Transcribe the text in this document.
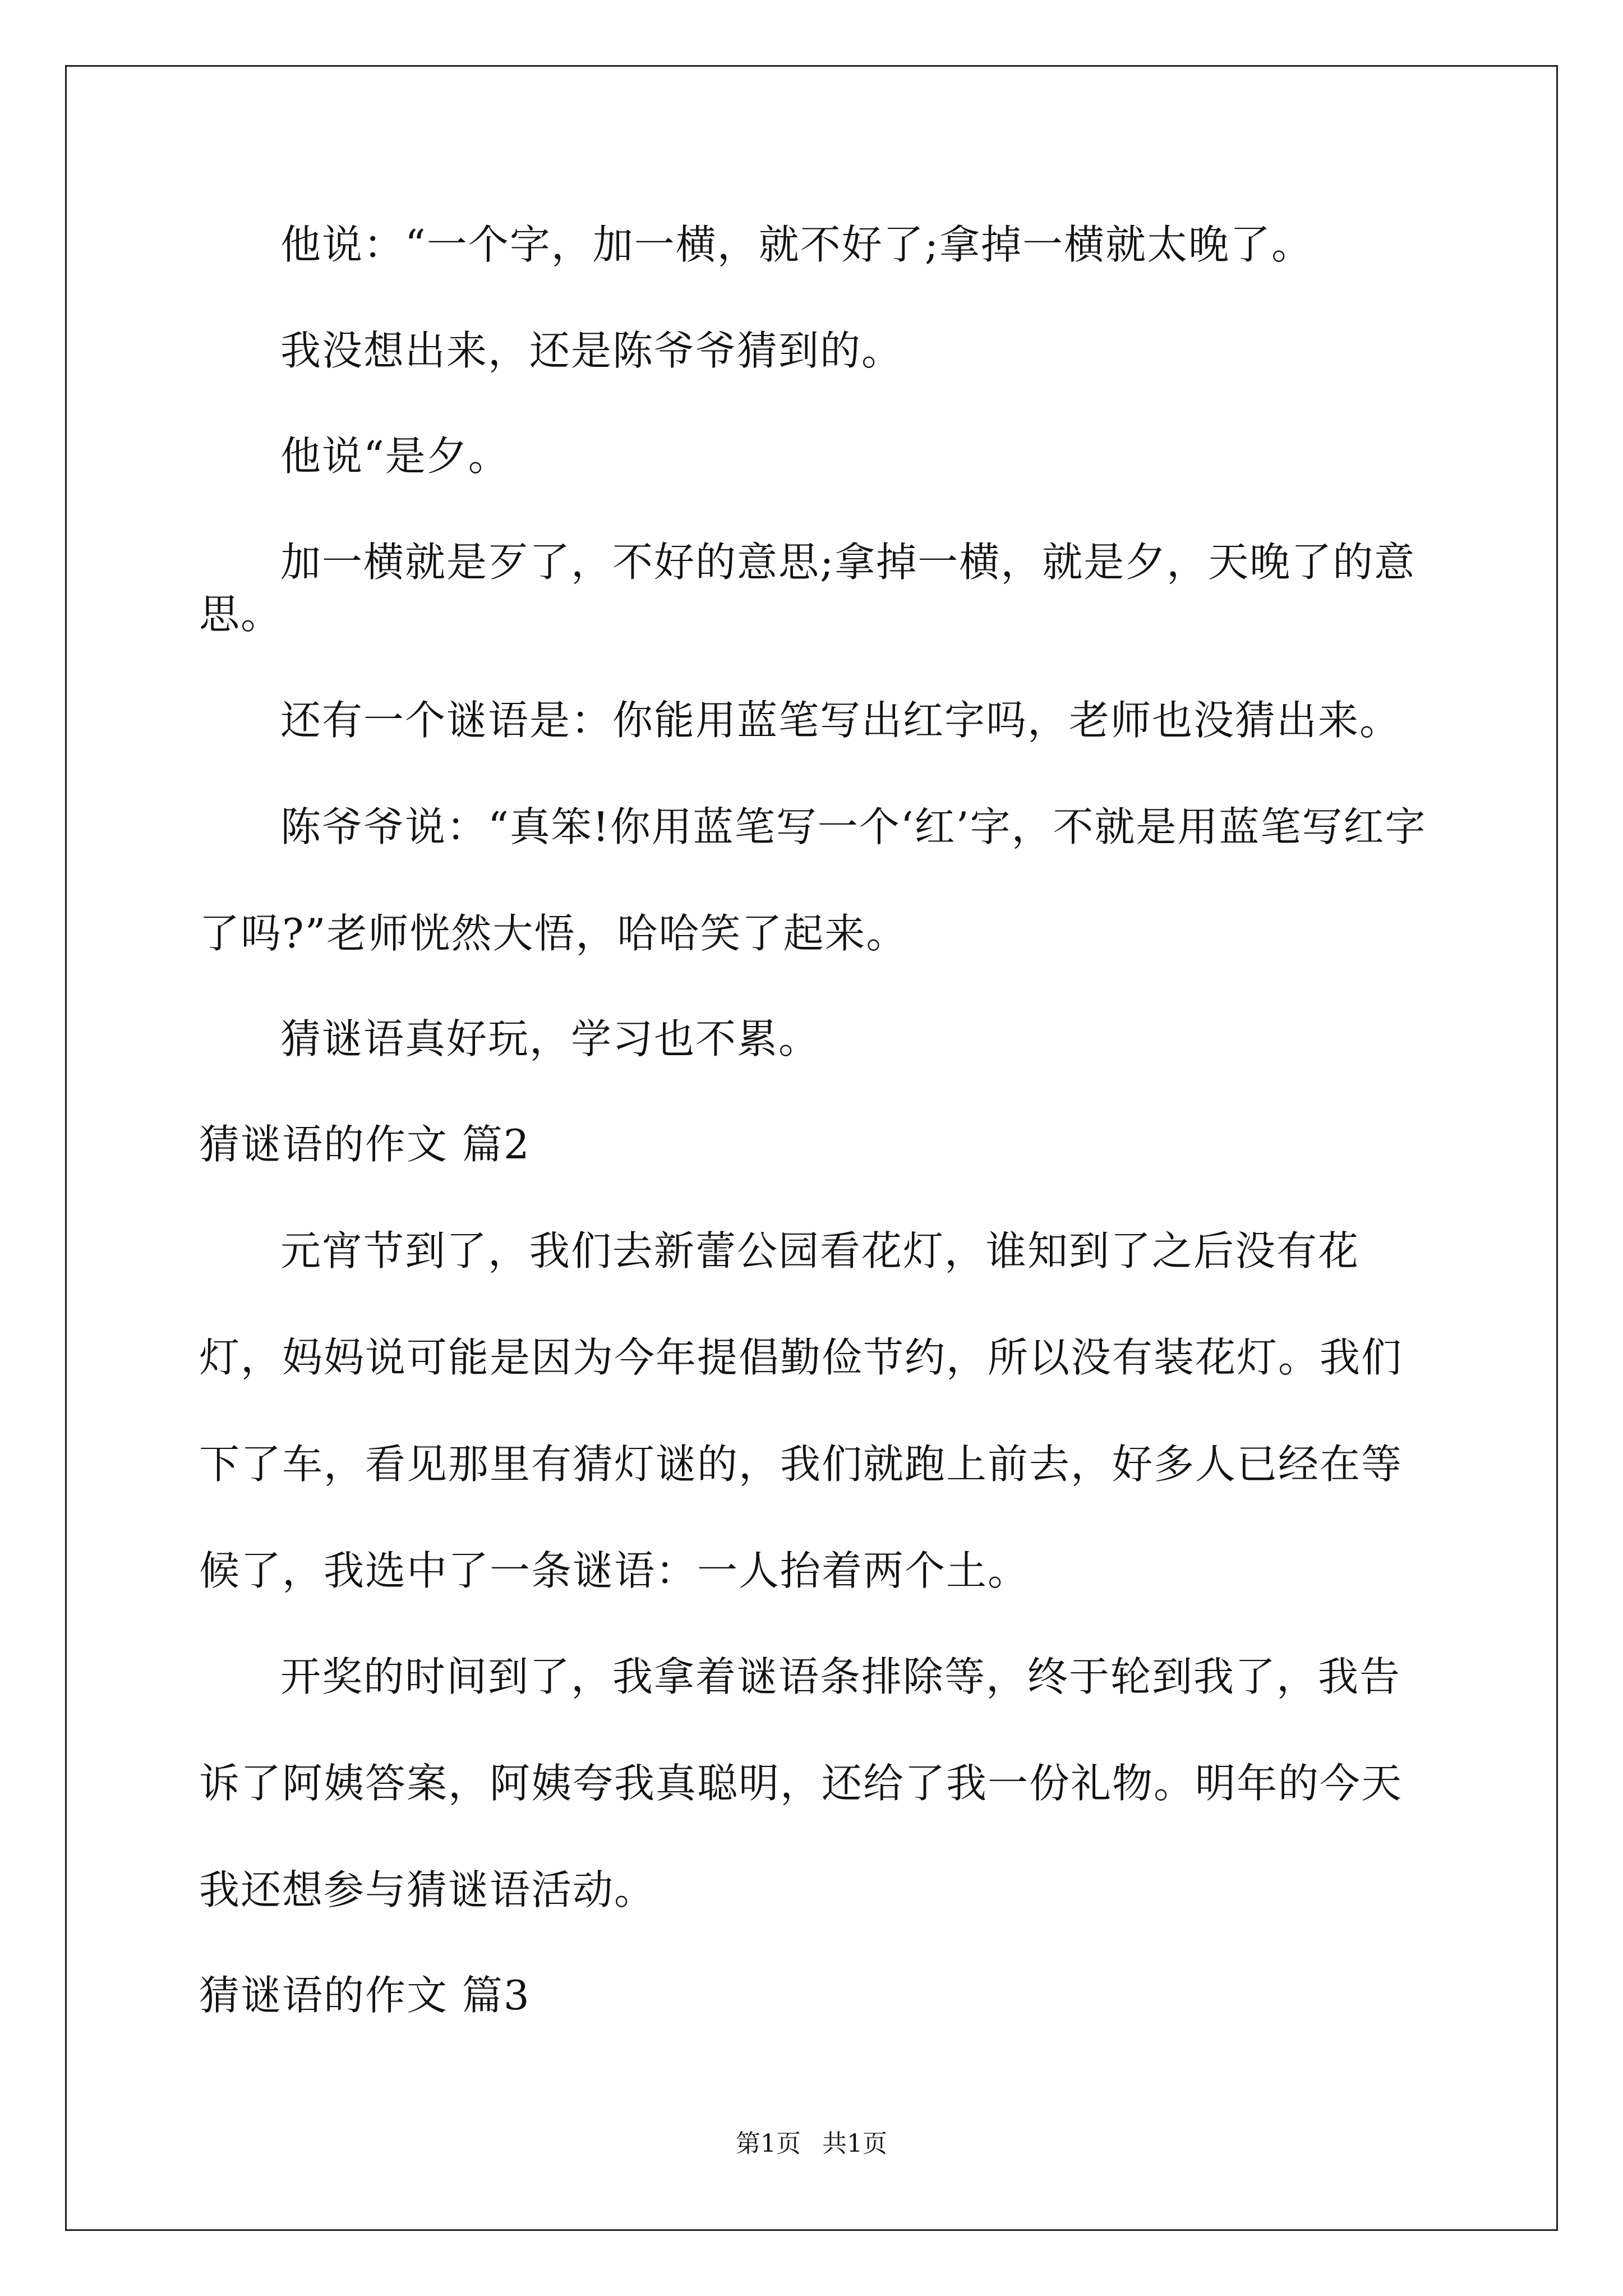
他说：“一个字，加一横，就不好了;拿掉一横就太晚了。

我没想出来，还是陈爷爷猜到的。

他说“是夕。

加一横就是歹了，不好的意思;拿掉一横，就是夕，天晚了的意思。

还有一个谜语是：你能用蓝笔写出红字吗，老师也没猜出来。

陈爷爷说：“真笨!你用蓝笔写一个‘红’字，不就是用蓝笔写红字了吗?”老师恍然大悟，哈哈笑了起来。

猜谜语真好玩，学习也不累。

猜谜语的作文 篇2

元宵节到了，我们去新蕾公园看花灯，谁知到了之后没有花灯，妈妈说可能是因为今年提倡勤俭节约，所以没有装花灯。我们下了车，看见那里有猜灯谜的，我们就跑上前去，好多人已经在等候了，我选中了一条谜语：一人抬着两个土。

开奖的时间到了，我拿着谜语条排除等，终于轮到我了，我告诉了阿姨答案，阿姨夸我真聪明，还给了我一份礼物。明年的今天我还想参与猜谜语活动。

猜谜语的作文 篇3
第1页 共1页
